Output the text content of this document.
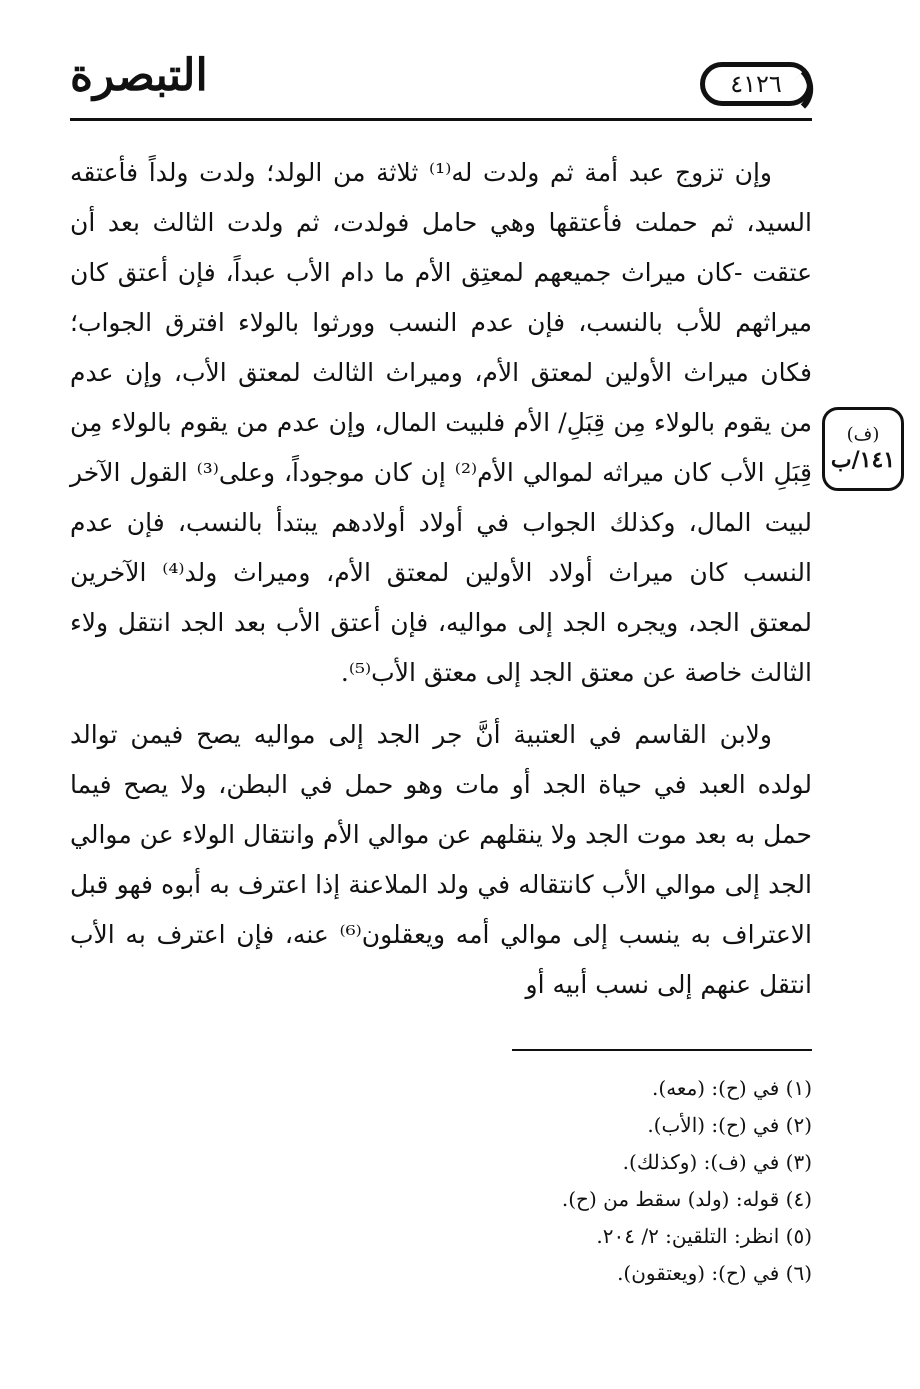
التبصرة	٤١٢٦

وإن تزوج عبد أمة ثم ولدت له⁽¹⁾ ثلاثة من الولد؛ ولدت ولداً فأعتقه السيد، ثم حملت فأعتقها وهي حامل فولدت، ثم ولدت الثالث بعد أن عتقت -كان ميراث جميعهم لمعتِق الأم ما دام الأب عبداً، فإن أعتق كان ميراثهم للأب بالنسب، فإن عدم النسب وورثوا بالولاء افترق الجواب؛ فكان ميراث الأولين لمعتق الأم، وميراث الثالث لمعتق الأب، وإن عدم من يقوم بالولاء مِن قِبَلِ/ الأم فلبيت المال، وإن عدم من يقوم بالولاء مِن قِبَلِ الأب كان ميراثه لموالي الأم⁽²⁾ إن كان موجوداً، وعلى⁽³⁾ القول الآخر لبيت المال، وكذلك الجواب في أولاد أولادهم يبتدأ بالنسب، فإن عدم النسب كان ميراث أولاد الأولين لمعتق الأم، وميراث ولد⁽⁴⁾ الآخرين لمعتق الجد، ويجره الجد إلى مواليه، فإن أعتق الأب بعد الجد انتقل ولاء الثالث خاصة عن معتق الجد إلى معتق الأب⁽⁵⁾.

ولابن القاسم في العتبية أنَّ جر الجد إلى مواليه يصح فيمن توالد لولده العبد في حياة الجد أو مات وهو حمل في البطن، ولا يصح فيما حمل به بعد موت الجد ولا ينقلهم عن موالي الأم وانتقال الولاء عن موالي الجد إلى موالي الأب كانتقاله في ولد الملاعنة إذا اعترف به أبوه فهو قبل الاعتراف به ينسب إلى موالي أمه ويعقلون⁽⁶⁾ عنه، فإن اعترف به الأب انتقل عنهم إلى نسب أبيه أو

(ف)
١٤١/ب
(١) في (ح): (معه).
(٢) في (ح): (الأب).
(٣) في (ف): (وكذلك).
(٤) قوله: (ولد) سقط من (ح).
(٥) انظر: التلقين: ٢/ ٢٠٤.
(٦) في (ح): (ويعتقون).
